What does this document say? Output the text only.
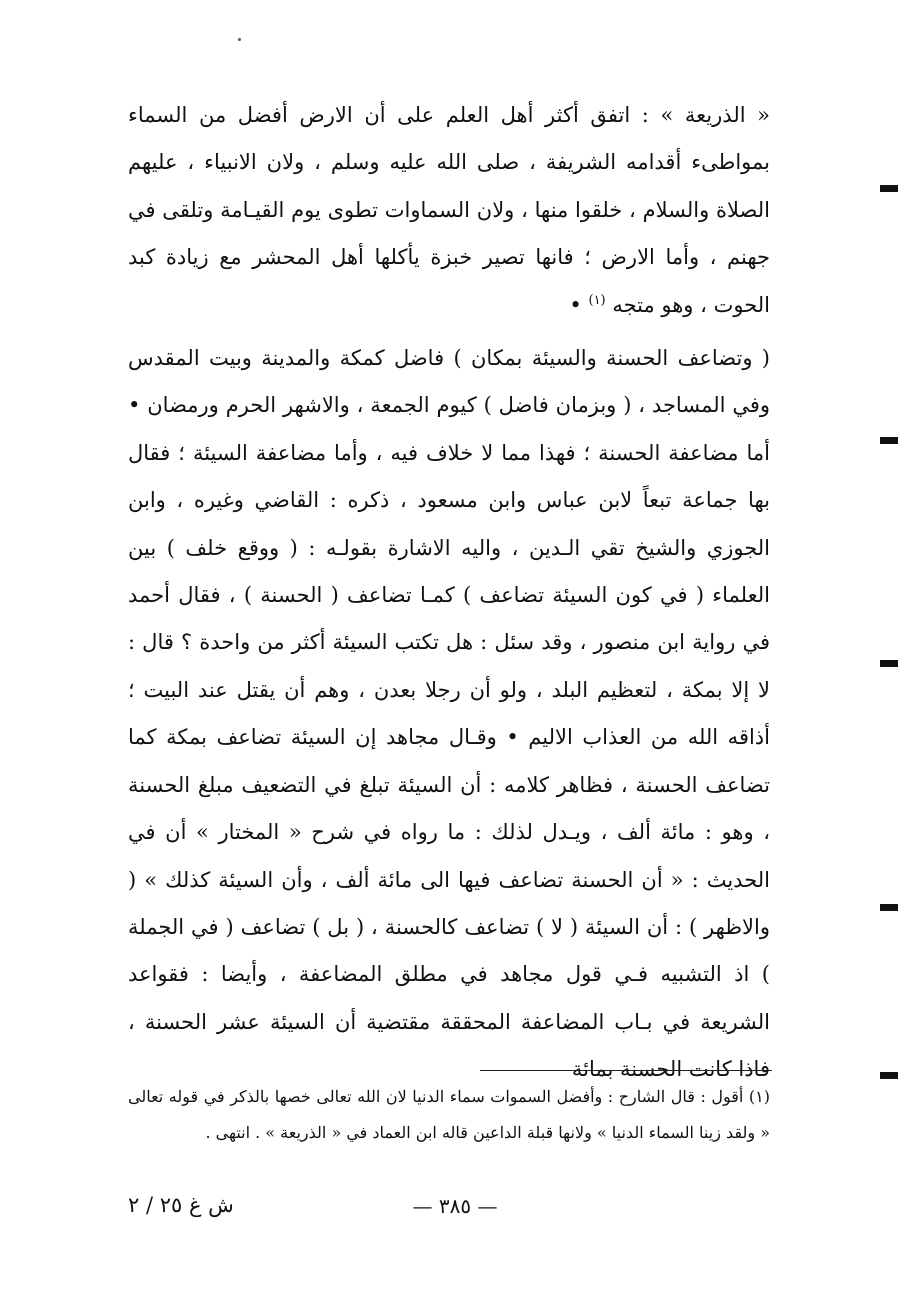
« الذريعة » : اتفق أكثر أهل العلم على أن الارض أفضل من السماء بمواطىء أقدامه الشريفة ، صلى الله عليه وسلم ، ولان الانبياء ، عليهم الصلاة والسلام ، خلقوا منها ، ولان السماوات تطوى يوم القيـامة وتلقى في جهنم ، وأما الارض ؛ فانها تصير خبزة يأكلها أهل المحشر مع زيادة كبد الحوت ، وهو متجه $^{(١)}$ •

( وتضاعف الحسنة والسيئة بمكان ) فاضل كمكة والمدينة وبيت المقدس وفي المساجد ، ( وبزمان فاضل ) كيوم الجمعة ، والاشهر الحرم ورمضان • أما مضاعفة الحسنة ؛ فهذا مما لا خلاف فيه ، وأما مضاعفة السيئة ؛ فقال بها جماعة تبعاً لابن عباس وابن مسعود ، ذكره : القاضي وغيره ، وابن الجوزي والشيخ تقي الـدين ، واليه الاشارة بقولـه : ( ووقع خلف ) بين العلماء ( في كون السيئة تضاعف ) كمـا تضاعف ( الحسنة ) ، فقال أحمد في رواية ابن منصور ، وقد سئل : هل تكتب السيئة أكثر من واحدة ؟ قال : لا إلا بمكة ، لتعظيم البلد ، ولو أن رجلا بعدن ، وهم أن يقتل عند البيت ؛ أذاقه الله من العذاب الاليم • وقـال مجاهد إن السيئة تضاعف بمكة كما تضاعف الحسنة ، فظاهر كلامه : أن السيئة تبلغ في التضعيف مبلغ الحسنة ، وهو : مائة ألف ، ويـدل لذلك : ما رواه في شرح « المختار » أن في الحديث : « أن الحسنة تضاعف فيها الى مائة ألف ، وأن السيئة كذلك » ( والاظهر ) : أن السيئة ( لا ) تضاعف كالحسنة ، ( بل ) تضاعف ( في الجملة ) اذ التشبيه فـي قول مجاهد في مطلق المضاعفة ، وأيضا : فقواعد الشريعة في بـاب المضاعفة المحققة مقتضية أن السيئة عشر الحسنة ، فاذا كانت الحسنة بمائة

(١) أقول : قال الشارح : وأفضل السموات سماء الدنيا لان الله تعالى خصها بالذكر في قوله تعالى « ولقد زينا السماء الدنيا » ولانها قبلة الداعين قاله ابن العماد في « الذريعة » . انتهى .

— ٣٨٥ —
ش غ ٢٥ / ٢
